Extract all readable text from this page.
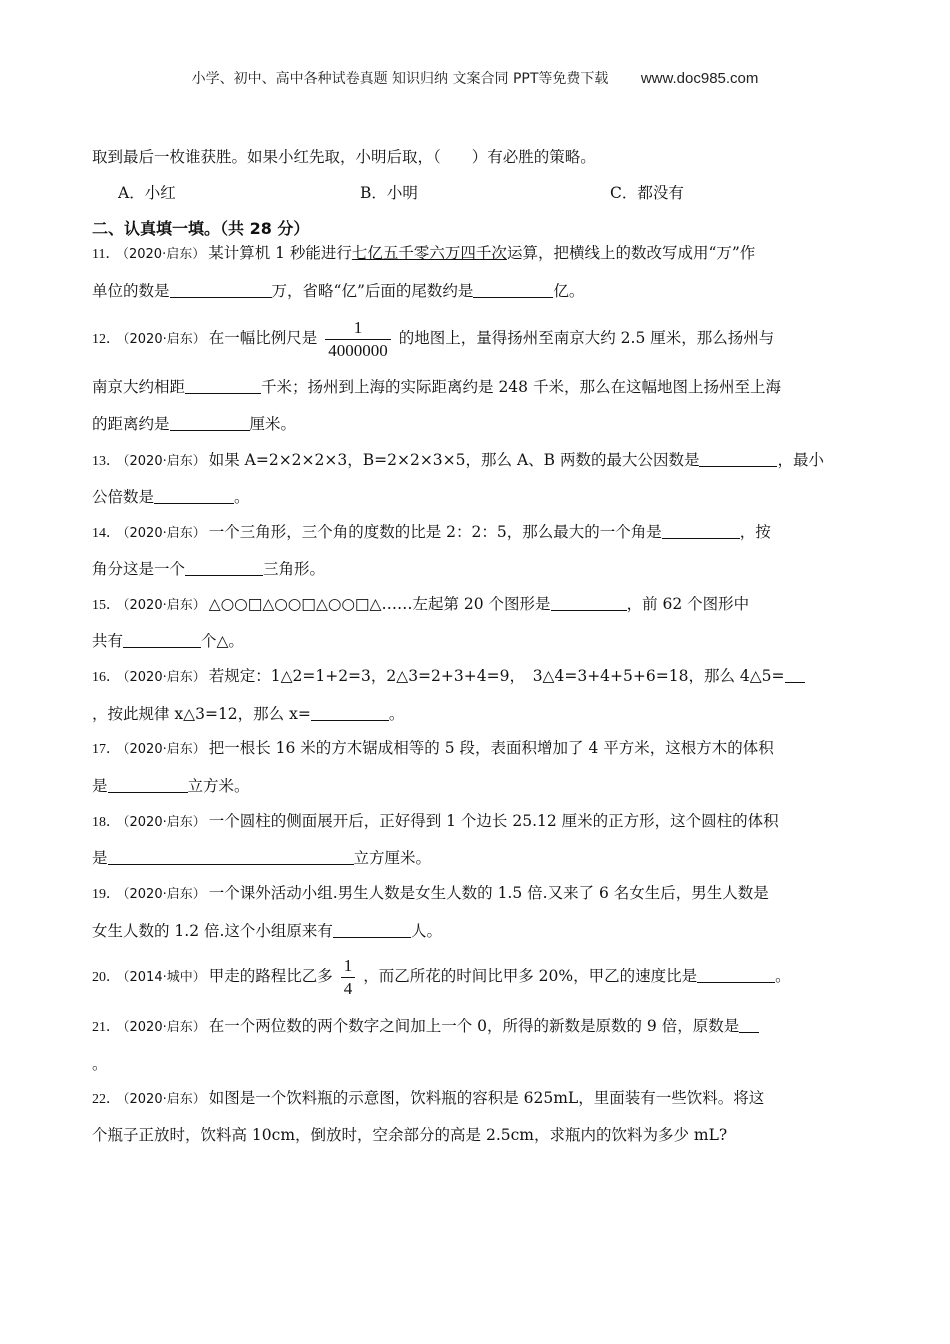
小学、初中、高中各种试卷真题 知识归纳 文案合同 PPT等免费下载 www.doc985.com
取到最后一枚谁获胜。如果小红先取，小明后取，（　　）有必胜的策略。
A．小红	B．小明	C．都没有
二、认真填一填。（共 28 分）
11． （2020·启东） 某计算机 1 秒能进行七亿五千零六万四千次运算，把横线上的数改写成用“万”作
单位的数是	万，省略“亿”后面的尾数约是	亿。
12． （2020·启东） 在一幅比例尺是 $\frac{1}{4000000}$ 的地图上，量得扬州至南京大约 2.5 厘米，那么扬州与
南京大约相距	千米；扬州到上海的实际距离约是 248 千米，那么在这幅地图上扬州至上海
的距离约是	厘米。
13． （2020·启东） 如果 A=2×2×2×3，B=2×2×3×5，那么 A、B 两数的最大公因数是	，最小
公倍数是	。
14． （2020·启东） 一个三角形，三个角的度数的比是 2：2：5，那么最大的一个角是	，按
角分这是一个	三角形。
15． （2020·启东） △○○□△○○□△○○□△……左起第 20 个图形是	，前 62 个图形中
共有	个△。
16． （2020·启东） 若规定：1△2=1+2=3，2△3=2+3+4=9，　3△4=3+4+5+6=18，那么 4△5=
，按此规律 x△3=12，那么 x=	。
17． （2020·启东） 把一根长 16 米的方木锯成相等的 5 段，表面积增加了 4 平方米，这根方木的体积
是	立方米。
18． （2020·启东） 一个圆柱的侧面展开后，正好得到 1 个边长 25.12 厘米的正方形，这个圆柱的体积
是	立方厘米。
19． （2020·启东） 一个课外活动小组.男生人数是女生人数的 1.5 倍.又来了 6 名女生后，男生人数是
女生人数的 1.2 倍.这个小组原来有	人。
20． （2014·城中） 甲走的路程比乙多 $\frac{1}{4}$ ，而乙所花的时间比甲多 20%，甲乙的速度比是	。
21． （2020·启东） 在一个两位数的两个数字之间加上一个 0，所得的新数是原数的 9 倍，原数是
。
22． （2020·启东） 如图是一个饮料瓶的示意图，饮料瓶的容积是 625mL，里面装有一些饮料。将这
个瓶子正放时，饮料高 10cm，倒放时，空余部分的高是 2.5cm，求瓶内的饮料为多少 mL?
